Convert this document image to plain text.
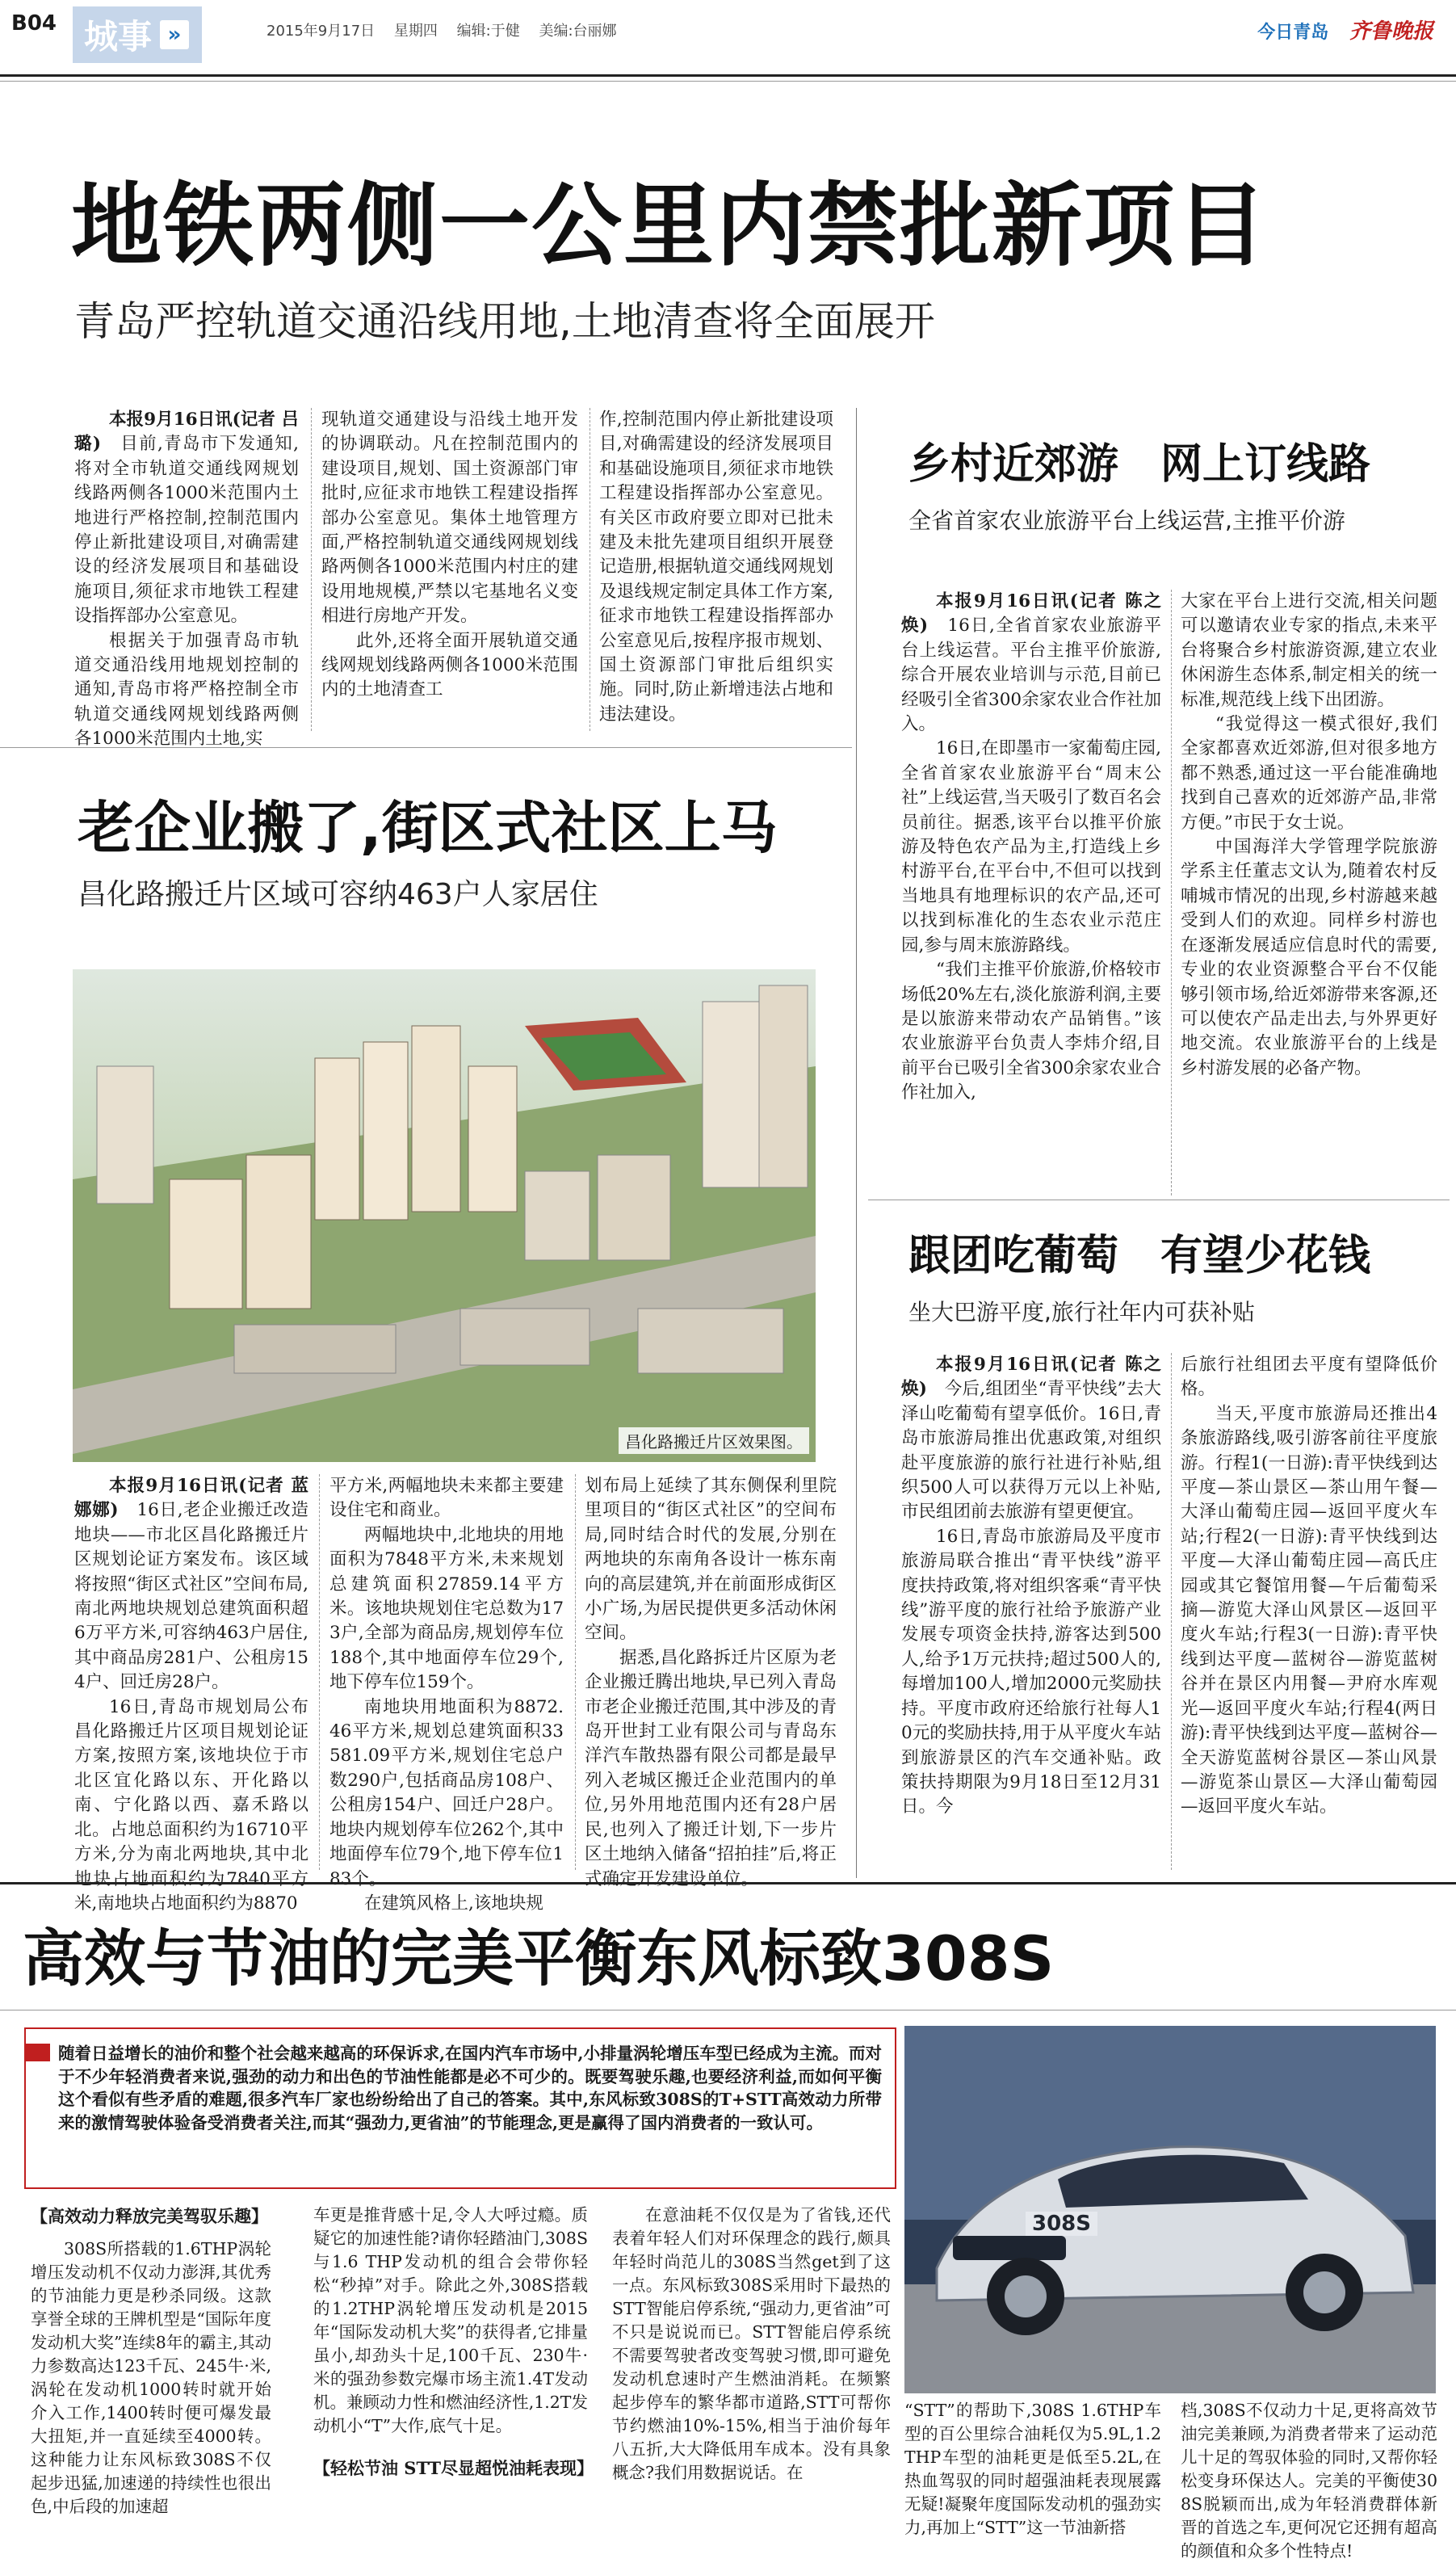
B04 城事 »	2015年9月17日 星期四 编辑:于健 美编:台丽娜	今日青岛 齐鲁晚报
地铁两侧一公里内禁批新项目
青岛严控轨道交通沿线用地,土地清查将全面展开

本报9月16日讯(记者 吕璐)　 目前,青岛市下发通知,将对全市轨道交通线网规划线路两侧各1000米范围内土地进行严格控制,控制范围内停止新批建设项目,对确需建设的经济发展项目和基础设施项目,须征求市地铁工程建设指挥部办公室意见。

根据关于加强青岛市轨道交通沿线用地规划控制的通知,青岛市将严格控制全市轨道交通线网规划线路两侧各1000米范围内土地,实

现轨道交通建设与沿线土地开发的协调联动。凡在控制范围内的建设项目,规划、国土资源部门审批时,应征求市地铁工程建设指挥部办公室意见。集体土地管理方面,严格控制轨道交通线网规划线路两侧各1000米范围内村庄的建设用地规模,严禁以宅基地名义变相进行房地产开发。

此外,还将全面开展轨道交通线网规划线路两侧各1000米范围内的土地清查工

作,控制范围内停止新批建设项目,对确需建设的经济发展项目和基础设施项目,须征求市地铁工程建设指挥部办公室意见。有关区市政府要立即对已批未建及未批先建项目组织开展登记造册,根据轨道交通线网规划及退线规定制定具体工作方案,征求市地铁工程建设指挥部办公室意见后,按程序报市规划、国土资源部门审批后组织实施。同时,防止新增违法占地和违法建设。

乡村近郊游　网上订线路
全省首家农业旅游平台上线运营,主推平价游

本报9月16日讯(记者 陈之焕)　 16日,全省首家农业旅游平台上线运营。平台主推平价旅游,综合开展农业培训与示范,目前已经吸引全省300余家农业合作社加入。

16日,在即墨市一家葡萄庄园,全省首家农业旅游平台“周末公社”上线运营,当天吸引了数百名会员前往。据悉,该平台以推平价旅游及特色农产品为主,打造线上乡村游平台,在平台中,不但可以找到当地具有地理标识的农产品,还可以找到标准化的生态农业示范庄园,参与周末旅游路线。

“我们主推平价旅游,价格较市场低20%左右,淡化旅游利润,主要是以旅游来带动农产品销售。”该农业旅游平台负责人李炜介绍,目前平台已吸引全省300余家农业合作社加入,

大家在平台上进行交流,相关问题可以邀请农业专家的指点,未来平台将聚合乡村旅游资源,建立农业休闲游生态体系,制定相关的统一标准,规范线上线下出团游。

“我觉得这一模式很好,我们全家都喜欢近郊游,但对很多地方都不熟悉,通过这一平台能准确地找到自己喜欢的近郊游产品,非常方便。”市民于女士说。

中国海洋大学管理学院旅游学系主任董志文认为,随着农村反哺城市情况的出现,乡村游越来越受到人们的欢迎。同样乡村游也在逐渐发展适应信息时代的需要,专业的农业资源整合平台不仅能够引领市场,给近郊游带来客源,还可以使农产品走出去,与外界更好地交流。农业旅游平台的上线是乡村游发展的必备产物。

老企业搬了,街区式社区上马
昌化路搬迁片区域可容纳463户人家居住
昌化路搬迁片区效果图。

本报9月16日讯(记者 蓝娜娜)　 16日,老企业搬迁改造地块——市北区昌化路搬迁片区规划论证方案发布。该区域将按照“街区式社区”空间布局,南北两地块规划总建筑面积超6万平方米,可容纳463户居住,其中商品房281户、公租房154户、回迁房28户。

16日,青岛市规划局公布昌化路搬迁片区项目规划论证方案,按照方案,该地块位于市北区宜化路以东、开化路以南、宁化路以西、嘉禾路以北。占地总面积约为16710平方米,分为南北两地块,其中北地块占地面积约为7840平方米,南地块占地面积约为8870

平方米,两幅地块未来都主要建设住宅和商业。

两幅地块中,北地块的用地面积为7848平方米,未来规划总建筑面积27859.14平方米。该地块规划住宅总数为173户,全部为商品房,规划停车位188个,其中地面停车位29个,地下停车位159个。

南地块用地面积为8872.46平方米,规划总建筑面积33581.09平方米,规划住宅总户数290户,包括商品房108户、公租房154户、回迁户28户。地块内规划停车位262个,其中地面停车位79个,地下停车位183个。

在建筑风格上,该地块规

划布局上延续了其东侧保利里院里项目的“街区式社区”的空间布局,同时结合时代的发展,分别在两地块的东南角各设计一栋东南向的高层建筑,并在前面形成街区小广场,为居民提供更多活动休闲空间。

据悉,昌化路拆迁片区原为老企业搬迁腾出地块,早已列入青岛市老企业搬迁范围,其中涉及的青岛开世封工业有限公司与青岛东洋汽车散热器有限公司都是最早列入老城区搬迁企业范围内的单位,另外用地范围内还有28户居民,也列入了搬迁计划,下一步片区土地纳入储备“招拍挂”后,将正式确定开发建设单位。

跟团吃葡萄　有望少花钱
坐大巴游平度,旅行社年内可获补贴

本报9月16日讯(记者 陈之焕)　 今后,组团坐“青平快线”去大泽山吃葡萄有望享低价。16日,青岛市旅游局推出优惠政策,对组织赴平度旅游的旅行社进行补贴,组织500人可以获得万元以上补贴,市民组团前去旅游有望更便宜。

16日,青岛市旅游局及平度市旅游局联合推出“青平快线”游平度扶持政策,将对组织客乘“青平快线”游平度的旅行社给予旅游产业发展专项资金扶持,游客达到500人,给予1万元扶持;超过500人的,每增加100人,增加2000元奖励扶持。平度市政府还给旅行社每人10元的奖励扶持,用于从平度火车站到旅游景区的汽车交通补贴。政策扶持期限为9月18日至12月31日。今

后旅行社组团去平度有望降低价格。

当天,平度市旅游局还推出4条旅游路线,吸引游客前往平度旅游。行程1(一日游):青平快线到达平度—茶山景区—茶山用午餐—大泽山葡萄庄园—返回平度火车站;行程2(一日游):青平快线到达平度—大泽山葡萄庄园—高氏庄园或其它餐馆用餐—午后葡萄采摘—游览大泽山风景区—返回平度火车站;行程3(一日游):青平快线到达平度—蓝树谷—游览蓝树谷并在景区内用餐—尹府水库观光—返回平度火车站;行程4(两日游):青平快线到达平度—蓝树谷—全天游览蓝树谷景区—茶山风景—游览茶山景区—大泽山葡萄园—返回平度火车站。

高效与节油的完美平衡东风标致308S
随着日益增长的油价和整个社会越来越高的环保诉求,在国内汽车市场中,小排量涡轮增压车型已经成为主流。而对于不少年轻消费者来说,强劲的动力和出色的节油性能都是必不可少的。既要驾驶乐趣,也要经济利益,而如何平衡这个看似有些矛盾的难题,很多汽车厂家也纷纷给出了自己的答案。其中,东风标致308S的T+STT高效动力所带来的激情驾驶体验备受消费者关注,而其“强劲力,更省油”的节能理念,更是赢得了国内消费者的一致认可。
308S
【高效动力释放完美驾驭乐趣】

308S所搭载的1.6THP涡轮增压发动机不仅动力澎湃,其优秀的节油能力更是秒杀同级。这款享誉全球的王牌机型是“国际年度发动机大奖”连续8年的霸主,其动力参数高达123千瓦、245牛·米,涡轮在发动机1000转时就开始介入工作,1400转时便可爆发最大扭矩,并一直延续至4000转。这种能力让东风标致308S不仅起步迅猛,加速递的持续性也很出色,中后段的加速超

车更是推背感十足,令人大呼过瘾。质疑它的加速性能?请你轻踏油门,308S与1.6 THP发动机的组合会带你轻松“秒掉”对手。除此之外,308S搭载的1.2THP涡轮增压发动机是2015年“国际发动机大奖”的获得者,它排量虽小,却劲头十足,100千瓦、230牛·米的强劲参数完爆市场主流1.4T发动机。兼顾动力性和燃油经济性,1.2T发动机小“T”大作,底气十足。

【轻松节油 STT尽显超悦油耗表现】

在意油耗不仅仅是为了省钱,还代表着年轻人们对环保理念的践行,颇具年轻时尚范儿的308S当然get到了这一点。东风标致308S采用时下最热的STT智能启停系统,“强动力,更省油”可不只是说说而已。STT智能启停系统不需要驾驶者改变驾驶习惯,即可避免发动机怠速时产生燃油消耗。在频繁起步停车的繁华都市道路,STT可帮你节约燃油10%-15%,相当于油价每年八五折,大大降低用车成本。没有具象概念?我们用数据说话。在

“STT”的帮助下,308S 1.6THP车型的百公里综合油耗仅为5.9L,1.2THP车型的油耗更是低至5.2L,在热血驾驭的同时超强油耗表现展露无疑!凝聚年度国际发动机的强劲实力,再加上“STT”这一节油新搭

档,308S不仅动力十足,更将高效节油完美兼顾,为消费者带来了运动范儿十足的驾驭体验的同时,又帮你轻松变身环保达人。完美的平衡使308S脱颖而出,成为年轻消费群体新晋的首选之车,更何况它还拥有超高的颜值和众多个性特点!
